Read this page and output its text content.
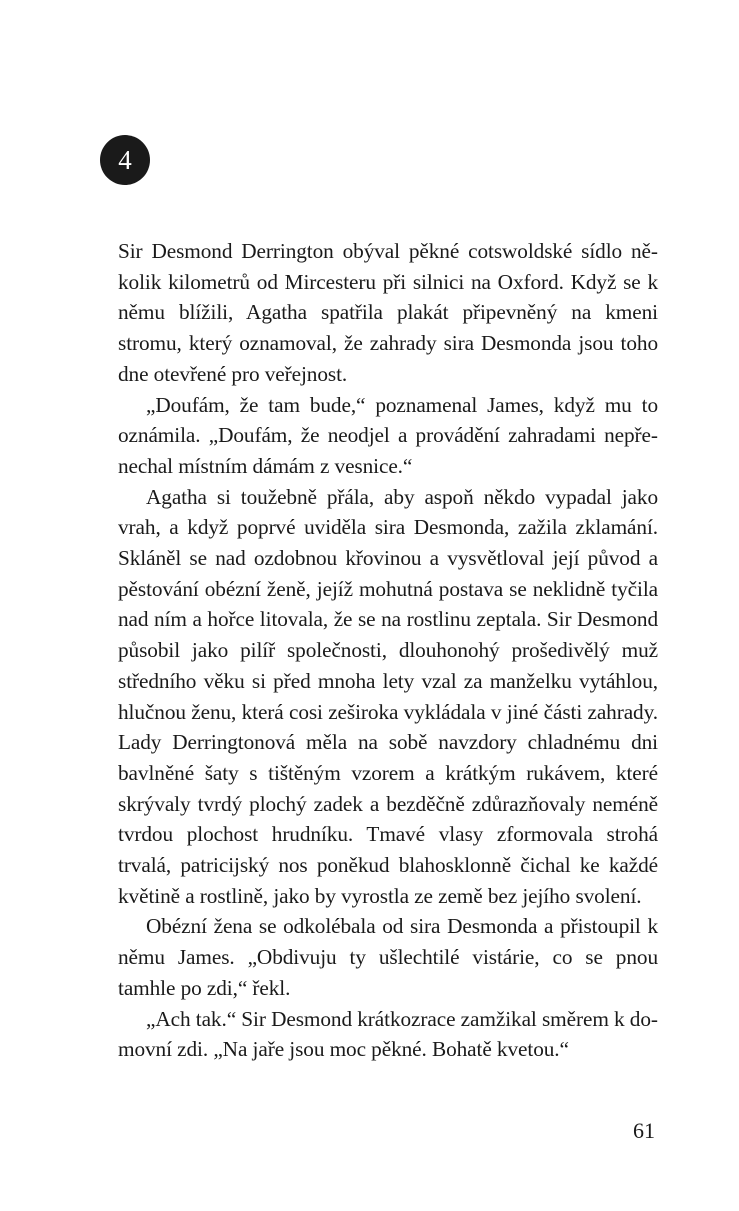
4

Sir Desmond Derrington obýval pěkné cotswoldské sídlo několik kilometrů od Mircesteru při silnici na Oxford. Když se k němu blížili, Agatha spatřila plakát připevněný na kmeni stromu, který oznamoval, že zahrady sira Desmonda jsou toho dne otevřené pro veřejnost.

„Doufám, že tam bude,“ poznamenal James, když mu to oznámila. „Doufám, že neodjel a provádění zahradami nepřenechal místním dámám z vesnice.“

Agatha si toužebně přála, aby aspoň někdo vypadal jako vrah, a když poprvé uviděla sira Desmonda, zažila zklamání. Skláněl se nad ozdobnou křovinou a vysvětloval její původ a pěstování obézní ženě, jejíž mohutná postava se neklidně tyčila nad ním a hořce litovala, že se na rostlinu zeptala. Sir Desmond působil jako pilíř společnosti, dlouhonohý prošedivělý muž středního věku si před mnoha lety vzal za manželku vytáhlou, hlučnou ženu, která cosi zeširoka vykládala v jiné části zahrady. Lady Derringtonová měla na sobě navzdory chladnému dni bavlněné šaty s tištěným vzorem a krátkým rukávem, které skrývaly tvrdý plochý zadek a bezděčně zdůrazňovaly neméně tvrdou plochost hrudníku. Tmavé vlasy zformovala strohá trvalá, patricijský nos poněkud blahosklonně čichal ke každé květině a rostlině, jako by vyrostla ze země bez jejího svolení.

Obézní žena se odkolébala od sira Desmonda a přistoupil k němu James. „Obdivuju ty ušlechtilé vistárie, co se pnou tamhle po zdi,“ řekl.

„Ach tak.“ Sir Desmond krátkozrace zamžikal směrem k domovní zdi. „Na jaře jsou moc pěkné. Bohatě kvetou.“

61
